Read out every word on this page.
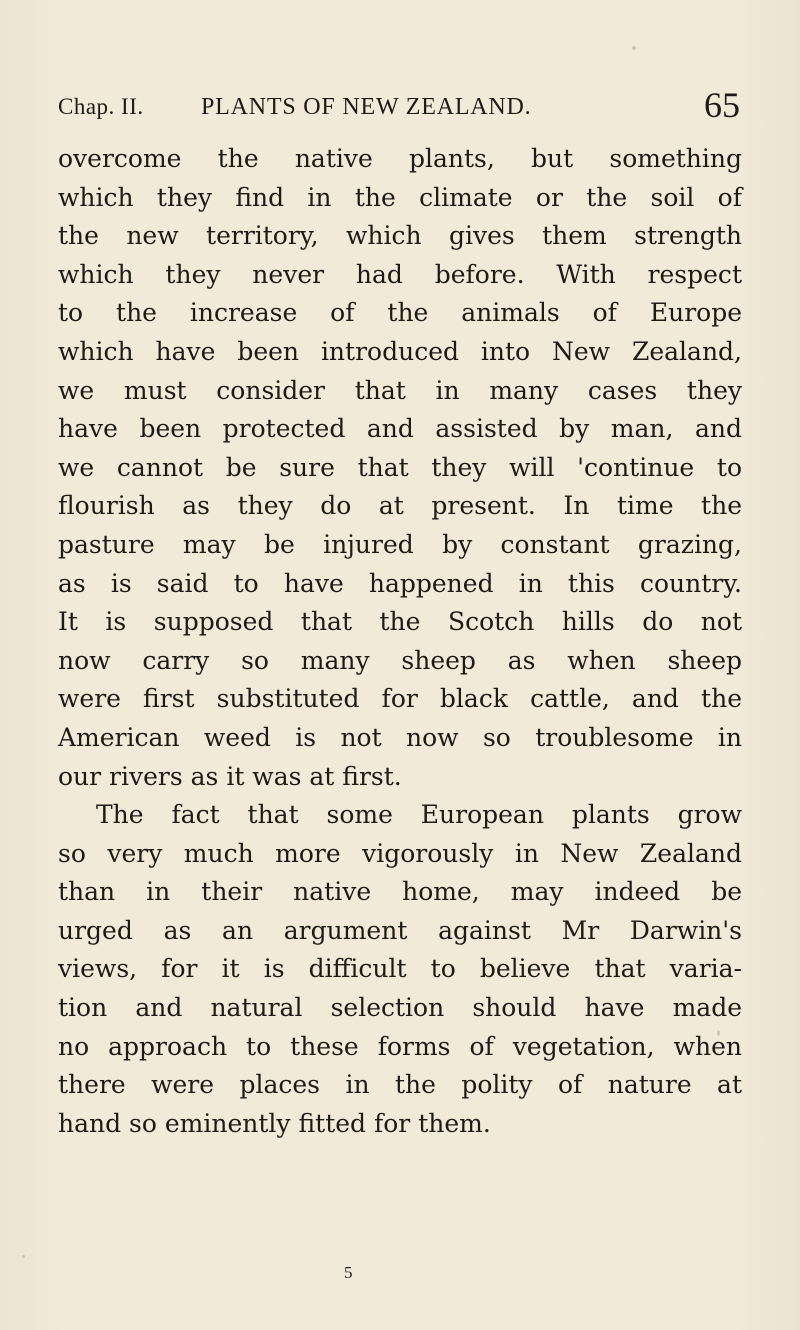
Chap. II. PLANTS OF NEW ZEALAND.	65
overcome the native plants, but something
which they find in the climate or the soil of
the new territory, which gives them strength
which they never had before. With respect
to the increase of the animals of Europe
which have been introduced into New Zealand,
we must consider that in many cases they
have been protected and assisted by man, and
we cannot be sure that they will 'continue to
flourish as they do at present. In time the
pasture may be injured by constant grazing,
as is said to have happened in this country.
It is supposed that the Scotch hills do not
now carry so many sheep as when sheep
were first substituted for black cattle, and the
American weed is not now so troublesome in
our rivers as it was at first.
The fact that some European plants grow
so very much more vigorously in New Zealand
than in their native home, may indeed be
urged as an argument against Mr Darwin's
views, for it is difficult to believe that varia-
tion and natural selection should have made
no approach to these forms of vegetation, when
there were places in the polity of nature at
hand so eminently fitted for them.
5
